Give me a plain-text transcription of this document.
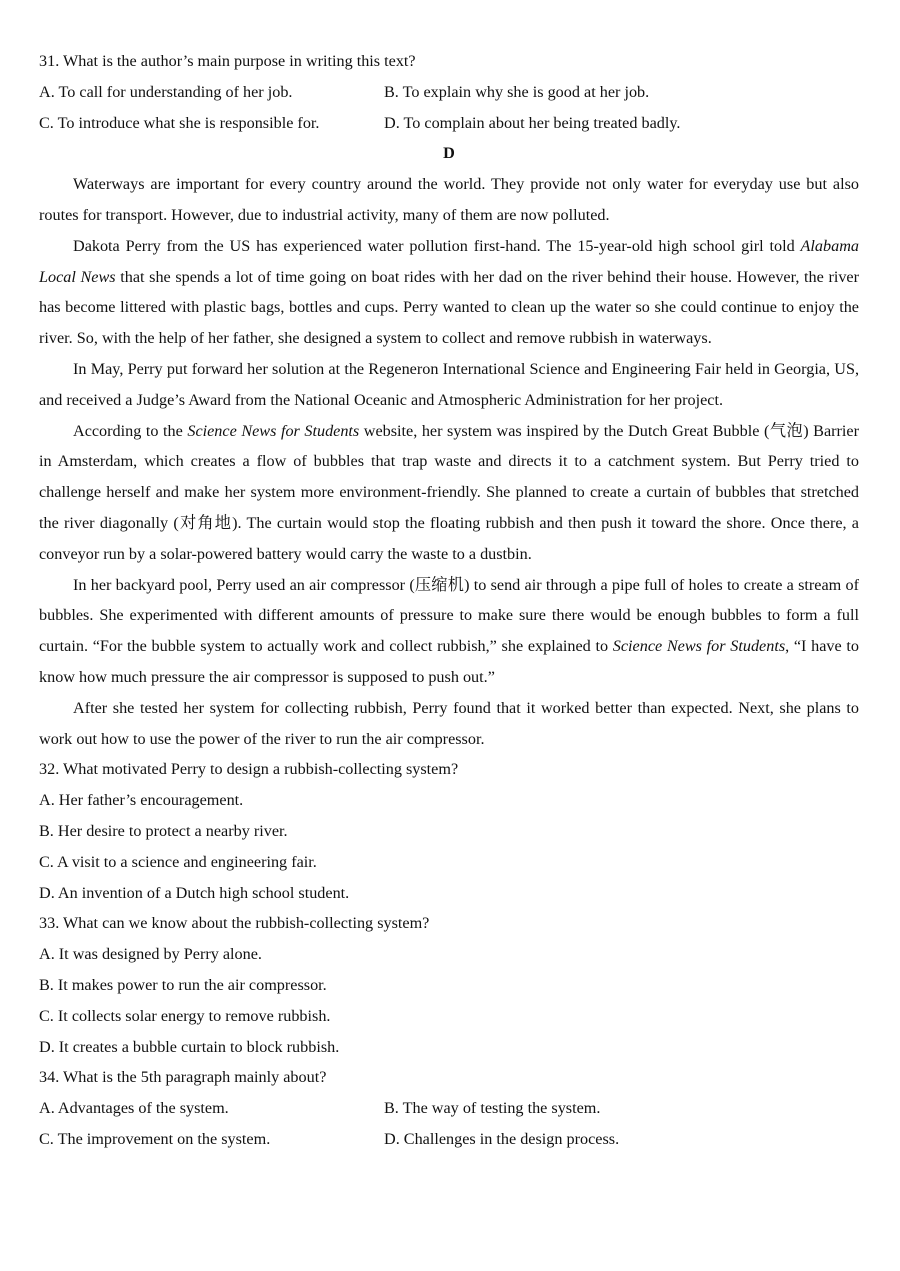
31. What is the author’s main purpose in writing this text?
A. To call for understanding of her job.	B. To explain why she is good at her job.
C. To introduce what she is responsible for.	D. To complain about her being treated badly.
D

Waterways are important for every country around the world. They provide not only water for everyday use but also routes for transport. However, due to industrial activity, many of them are now polluted.

Dakota Perry from the US has experienced water pollution first-hand. The 15-year-old high school girl told Alabama Local News that she spends a lot of time going on boat rides with her dad on the river behind their house. However, the river has become littered with plastic bags, bottles and cups. Perry wanted to clean up the water so she could continue to enjoy the river. So, with the help of her father, she designed a system to collect and remove rubbish in waterways.

In May, Perry put forward her solution at the Regeneron International Science and Engineering Fair held in Georgia, US, and received a Judge’s Award from the National Oceanic and Atmospheric Administration for her project.

According to the Science News for Students website, her system was inspired by the Dutch Great Bubble (气泡) Barrier in Amsterdam, which creates a flow of bubbles that trap waste and directs it to a catchment system. But Perry tried to challenge herself and make her system more environment-friendly. She planned to create a curtain of bubbles that stretched the river diagonally (对角地). The curtain would stop the floating rubbish and then push it toward the shore. Once there, a conveyor run by a solar-powered battery would carry the waste to a dustbin.

In her backyard pool, Perry used an air compressor (压缩机) to send air through a pipe full of holes to create a stream of bubbles. She experimented with different amounts of pressure to make sure there would be enough bubbles to form a full curtain. “For the bubble system to actually work and collect rubbish,” she explained to Science News for Students, “I have to know how much pressure the air compressor is supposed to push out.”

After she tested her system for collecting rubbish, Perry found that it worked better than expected. Next, she plans to work out how to use the power of the river to run the air compressor.

32. What motivated Perry to design a rubbish-collecting system?
A. Her father’s encouragement.
B. Her desire to protect a nearby river.
C. A visit to a science and engineering fair.
D. An invention of a Dutch high school student.
33. What can we know about the rubbish-collecting system?
A. It was designed by Perry alone.
B. It makes power to run the air compressor.
C. It collects solar energy to remove rubbish.
D. It creates a bubble curtain to block rubbish.
34. What is the 5th paragraph mainly about?
A. Advantages of the system.	B. The way of testing the system.
C. The improvement on the system.	D. Challenges in the design process.
